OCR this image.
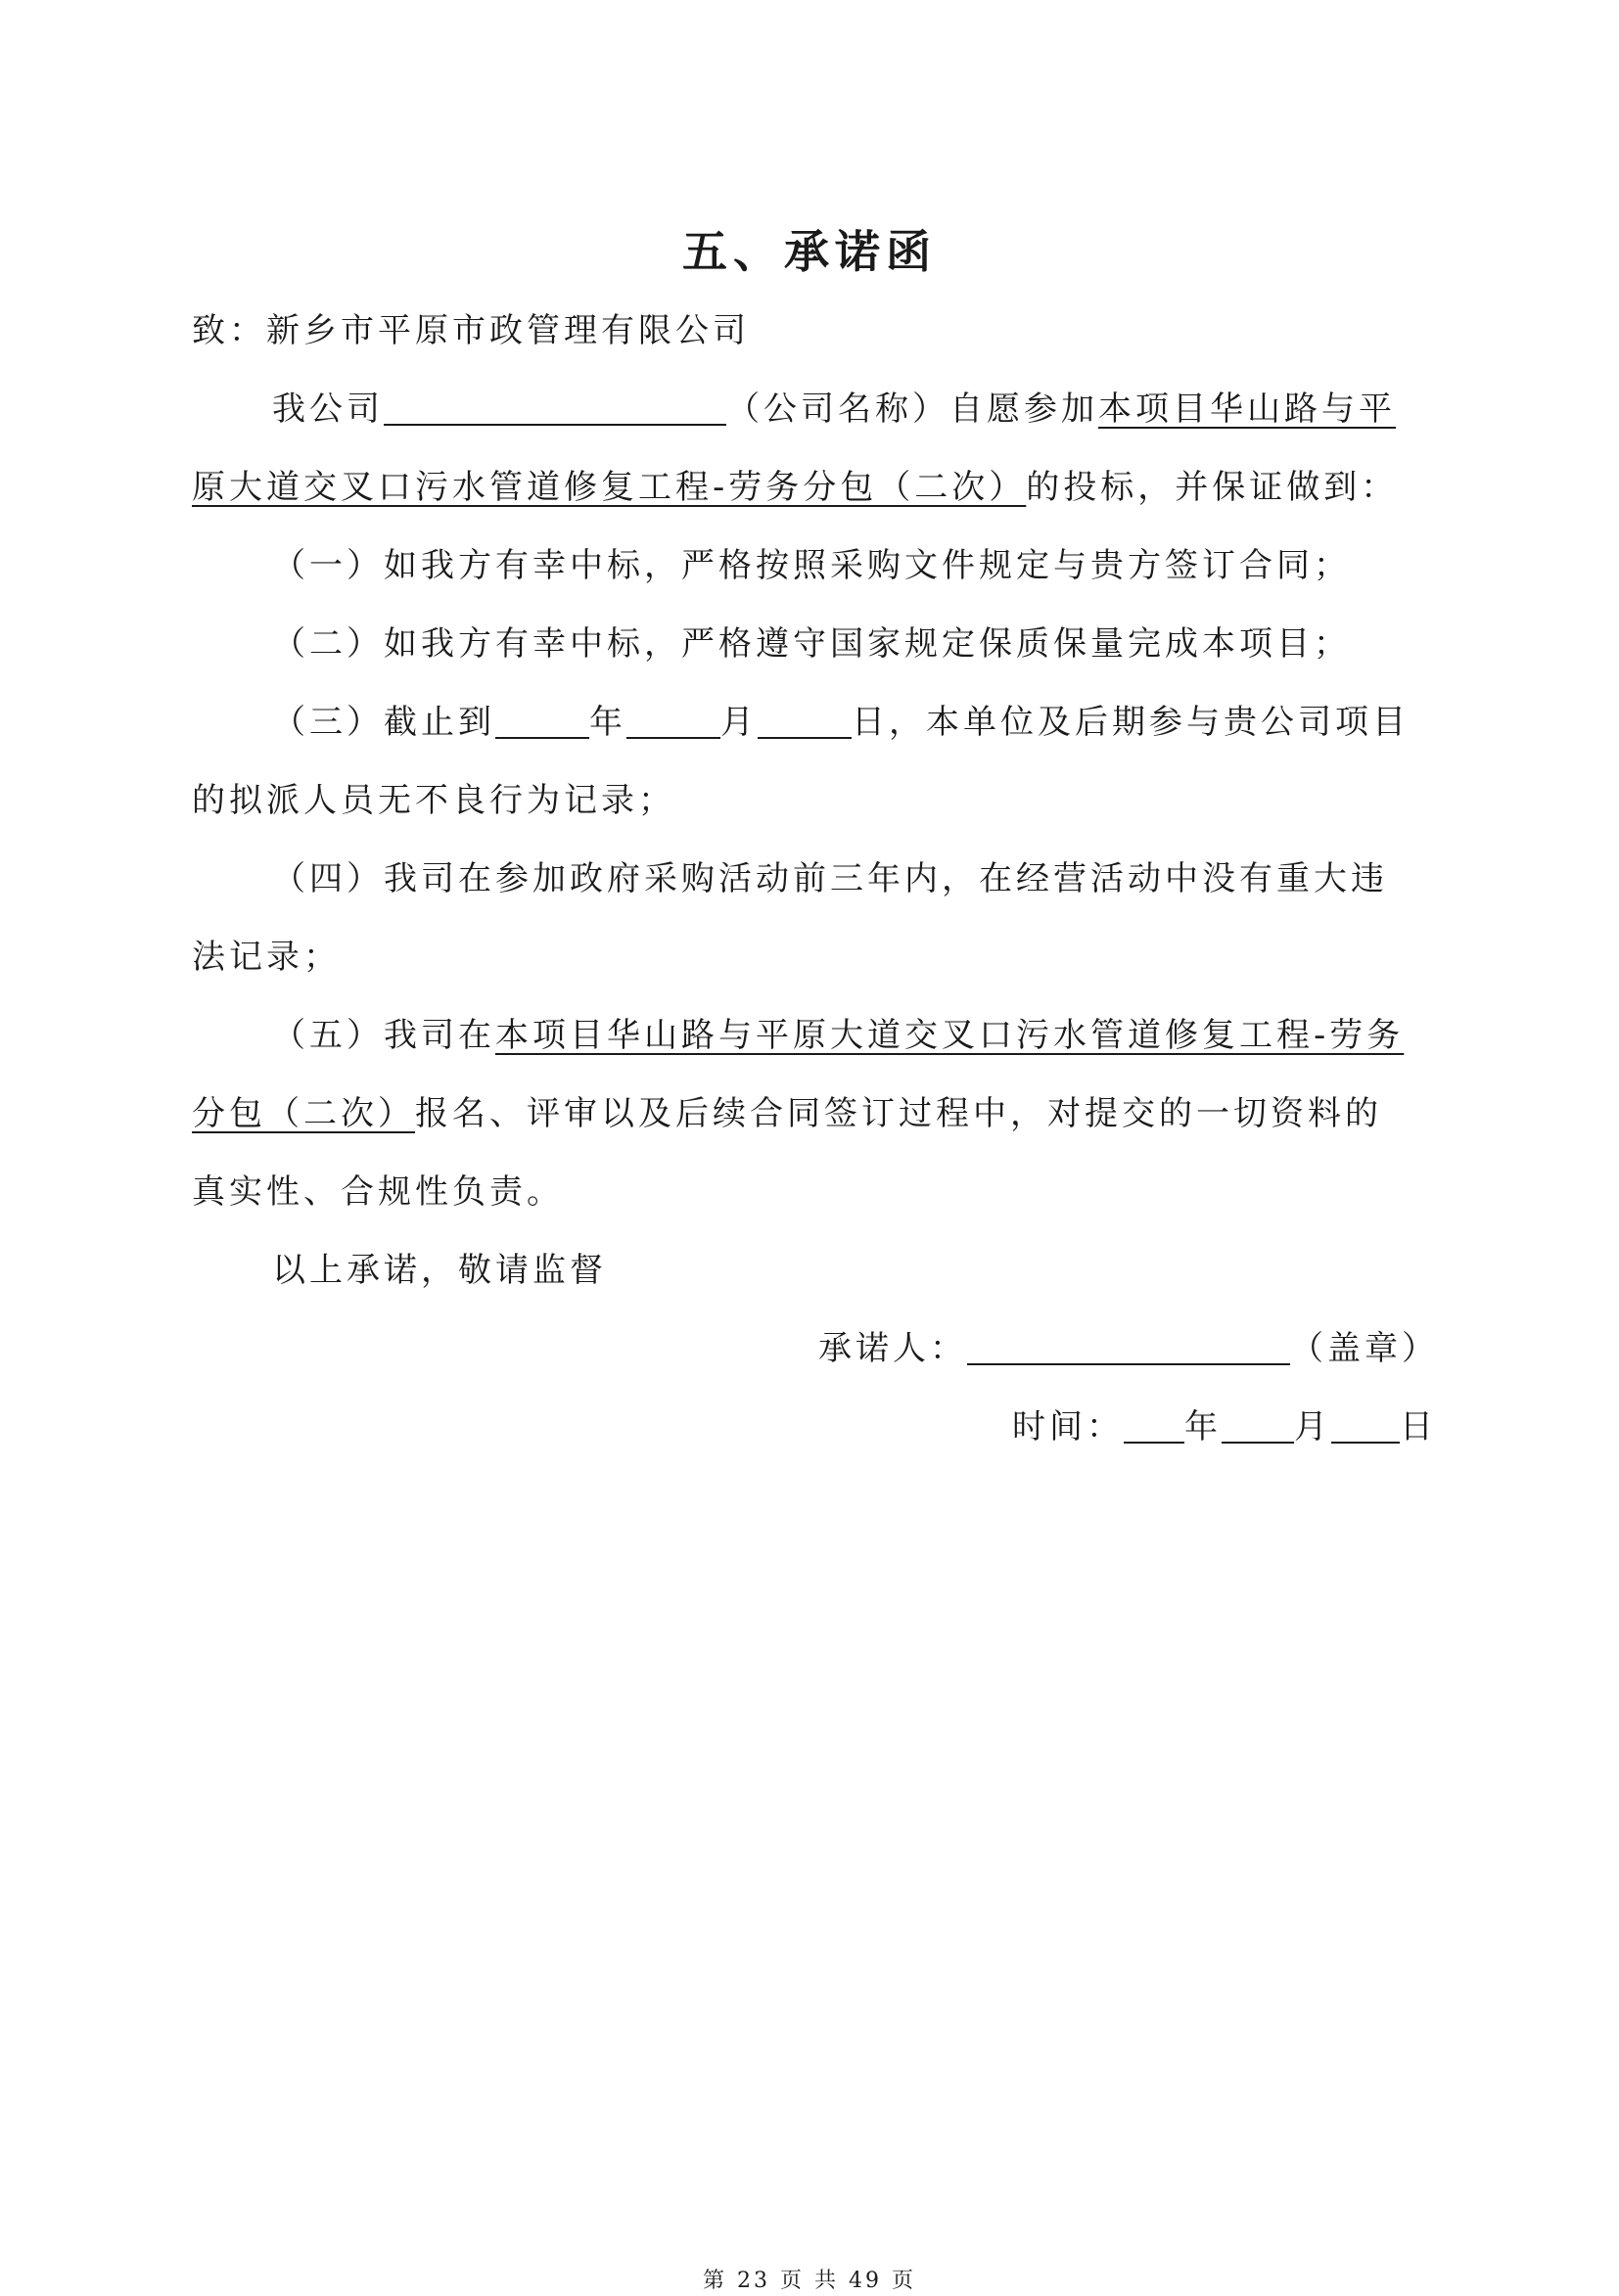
五、承诺函
致：新乡市平原市政管理有限公司
我公司	（公司名称）自愿参加本项目华山路与平
原大道交叉口污水管道修复工程-劳务分包（二次）的投标，并保证做到：
（一）如我方有幸中标，严格按照采购文件规定与贵方签订合同；
（二）如我方有幸中标，严格遵守国家规定保质保量完成本项目；
（三）截止到	年	月	日，本单位及后期参与贵公司项目
的拟派人员无不良行为记录；
（四）我司在参加政府采购活动前三年内，在经营活动中没有重大违
法记录；
（五）我司在本项目华山路与平原大道交叉口污水管道修复工程-劳务
分包（二次）报名、评审以及后续合同签订过程中，对提交的一切资料的
真实性、合规性负责。
以上承诺，敬请监督
承诺人：	（盖章）
时间： 年 月 日
第 23 页 共 49 页
